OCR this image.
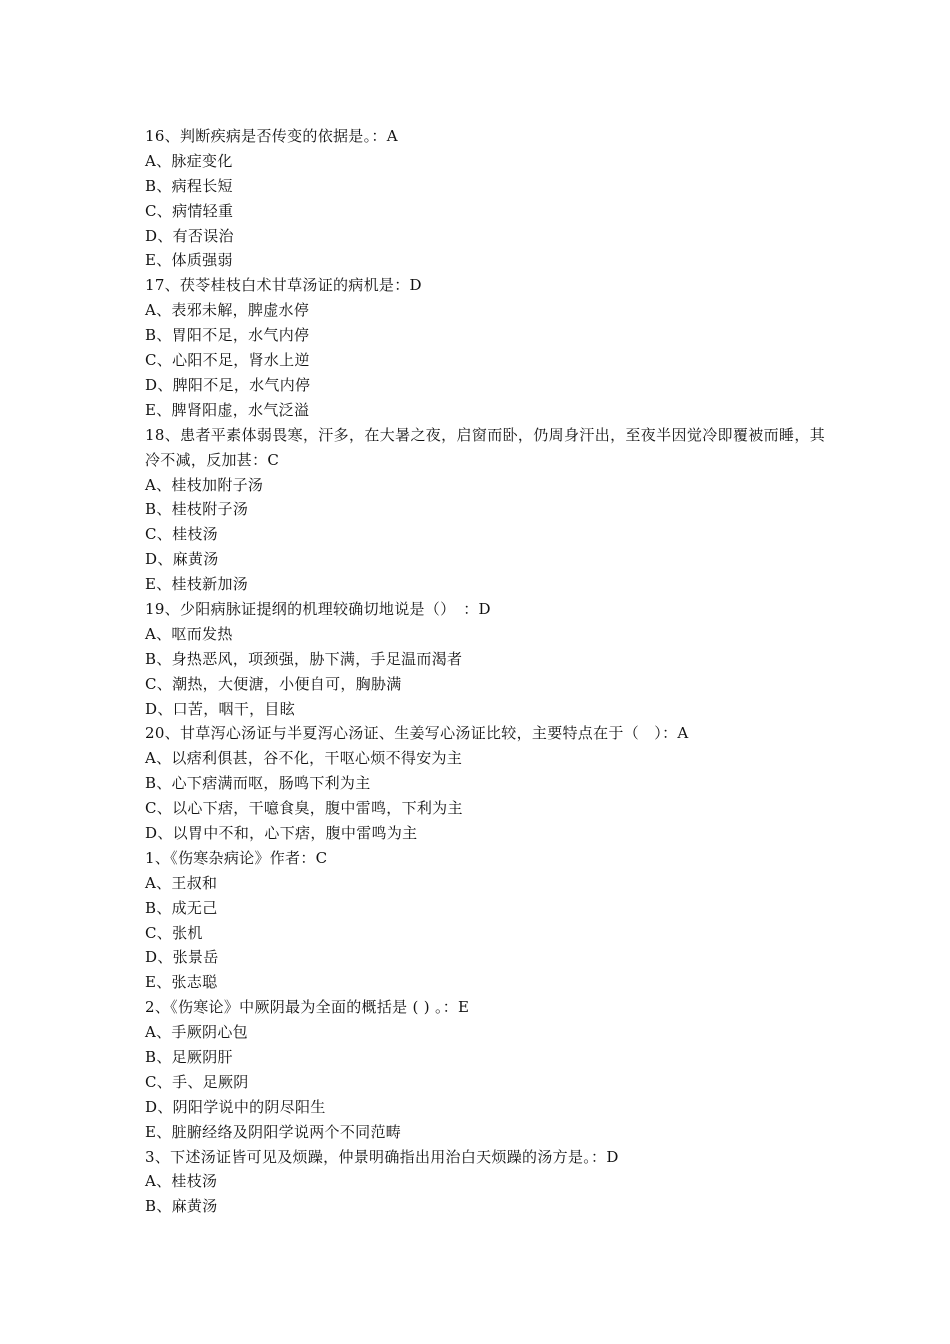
16、判断疾病是否传变的依据是。：A
A、脉症变化
B、病程长短
C、病情轻重
D、有否误治
E、体质强弱
17、茯苓桂枝白术甘草汤证的病机是：D
A、表邪未解，脾虚水停
B、胃阳不足，水气内停
C、心阳不足，肾水上逆
D、脾阳不足，水气内停
E、脾肾阳虚，水气泛溢
18、患者平素体弱畏寒，汗多，在大暑之夜，启窗而卧，仍周身汗出，至夜半因觉冷即覆被而睡，其冷不减，反加甚：C
A、桂枝加附子汤
B、桂枝附子汤
C、桂枝汤
D、麻黄汤
E、桂枝新加汤
19、少阳病脉证提纲的机理较确切地说是（）　：D
A、呕而发热
B、身热恶风，项颈强，胁下满，手足温而渴者
C、潮热，大便溏，小便自可，胸胁满
D、口苦，咽干，目眩
20、甘草泻心汤证与半夏泻心汤证、生姜写心汤证比较，主要特点在于（　）：A
A、以痞利俱甚，谷不化，干呕心烦不得安为主
B、心下痞满而呕，肠鸣下利为主
C、以心下痞，干噫食臭，腹中雷鸣，下利为主
D、以胃中不和，心下痞，腹中雷鸣为主
1、《伤寒杂病论》作者：C
A、王叔和
B、成无己
C、张机
D、张景岳
E、张志聪
2、《伤寒论》中厥阴最为全面的概括是 ( ) 。：E
A、手厥阴心包
B、足厥阴肝
C、手、足厥阴
D、阴阳学说中的阴尽阳生
E、脏腑经络及阴阳学说两个不同范畴
3、下述汤证皆可见及烦躁，仲景明确指出用治白天烦躁的汤方是。：D
A、桂枝汤
B、麻黄汤
